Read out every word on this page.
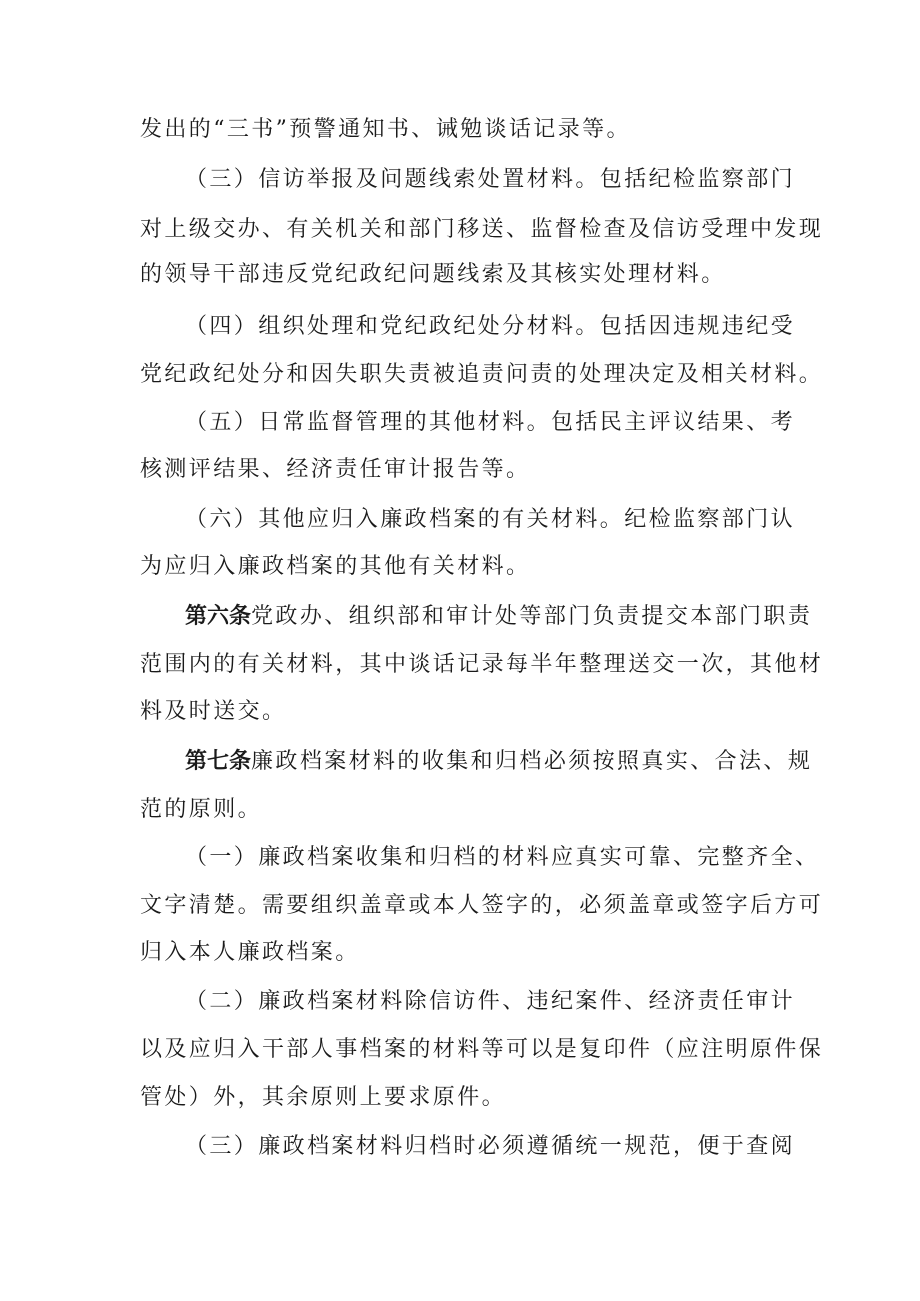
发出的“三书”预警通知书、诫勉谈话记录等。
（三）信访举报及问题线索处置材料。包括纪检监察部门
对上级交办、有关机关和部门移送、监督检查及信访受理中发现
的领导干部违反党纪政纪问题线索及其核实处理材料。
（四）组织处理和党纪政纪处分材料。包括因违规违纪受
党纪政纪处分和因失职失责被追责问责的处理决定及相关材料。
（五）日常监督管理的其他材料。包括民主评议结果、考
核测评结果、经济责任审计报告等。
（六）其他应归入廉政档案的有关材料。纪检监察部门认
为应归入廉政档案的其他有关材料。
第六条党政办、组织部和审计处等部门负责提交本部门职责
范围内的有关材料，其中谈话记录每半年整理送交一次，其他材
料及时送交。
第七条廉政档案材料的收集和归档必须按照真实、合法、规
范的原则。
（一）廉政档案收集和归档的材料应真实可靠、完整齐全、
文字清楚。需要组织盖章或本人签字的，必须盖章或签字后方可
归入本人廉政档案。
（二）廉政档案材料除信访件、违纪案件、经济责任审计
以及应归入干部人事档案的材料等可以是复印件（应注明原件保
管处）外，其余原则上要求原件。
（三）廉政档案材料归档时必须遵循统一规范，便于查阅
